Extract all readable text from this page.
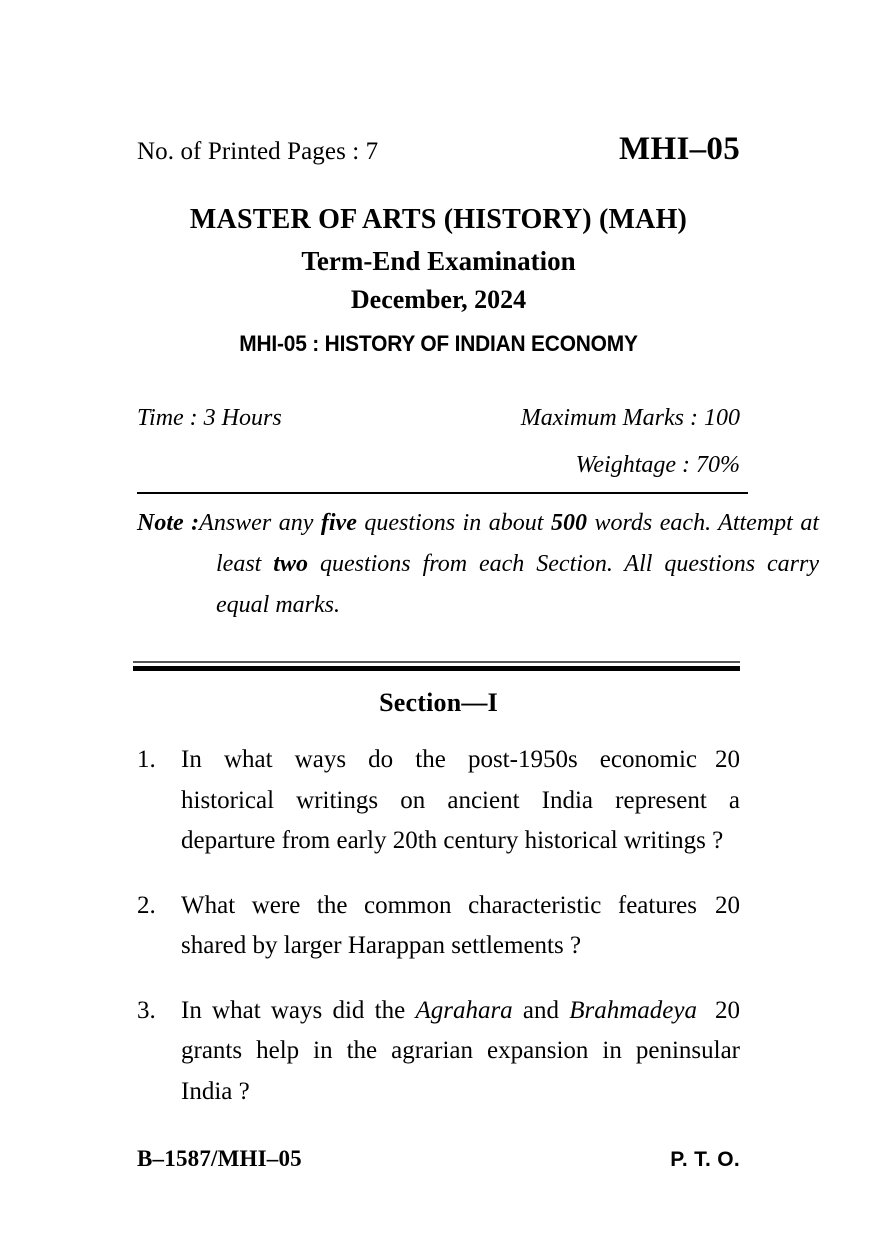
No. of Printed Pages : 7	MHI–05
MASTER OF ARTS (HISTORY) (MAH)
Term-End Examination
December, 2024
MHI-05 : HISTORY OF INDIAN ECONOMY
Time : 3 Hours	Maximum Marks : 100
Weightage : 70%
Note :Answer any five questions in about 500 words each. Attempt at least two questions from each Section. All questions carry equal marks.
Section—I
1.	20
In what ways do the post-1950s economic historical writings on ancient India represent a departure from early 20th century historical writings ?
2.	20
What were the common characteristic features shared by larger Harappan settlements ?
3.	20
In what ways did the Agrahara and Brahmadeya grants help in the agrarian expansion in peninsular India ?
B–1587/MHI–05	P. T. O.
